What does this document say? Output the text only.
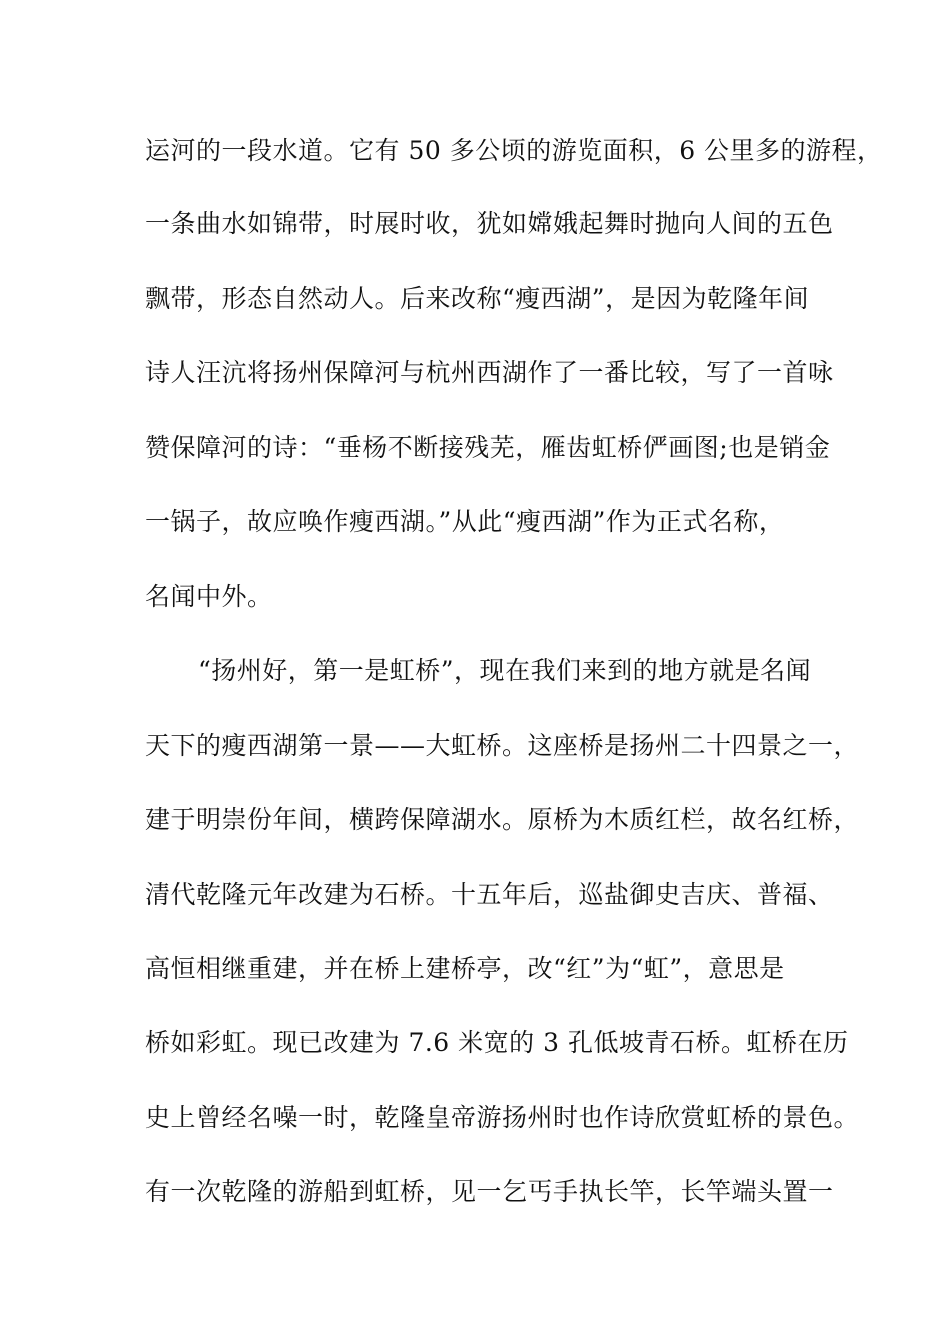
运河的一段水道。它有 50 多公顷的游览面积，6 公里多的游程，
一条曲水如锦带，时展时收，犹如嫦娥起舞时抛向人间的五色
飘带，形态自然动人。后来改称“瘦西湖”，是因为乾隆年间
诗人汪沆将扬州保障河与杭州西湖作了一番比较，写了一首咏
赞保障河的诗：“垂杨不断接残芜，雁齿虹桥俨画图;也是销金
一锅子，故应唤作瘦西湖。”从此“瘦西湖”作为正式名称，
名闻中外。
“扬州好，第一是虹桥”，现在我们来到的地方就是名闻
天下的瘦西湖第一景——大虹桥。这座桥是扬州二十四景之一，
建于明崇份年间，横跨保障湖水。原桥为木质红栏，故名红桥，
清代乾隆元年改建为石桥。十五年后，巡盐御史吉庆、普福、
高恒相继重建，并在桥上建桥亭，改“红”为“虹”，意思是
桥如彩虹。现已改建为 7.6 米宽的 3 孔低坡青石桥。虹桥在历
史上曾经名噪一时，乾隆皇帝游扬州时也作诗欣赏虹桥的景色。
有一次乾隆的游船到虹桥，见一乞丐手执长竿，长竿端头置一
